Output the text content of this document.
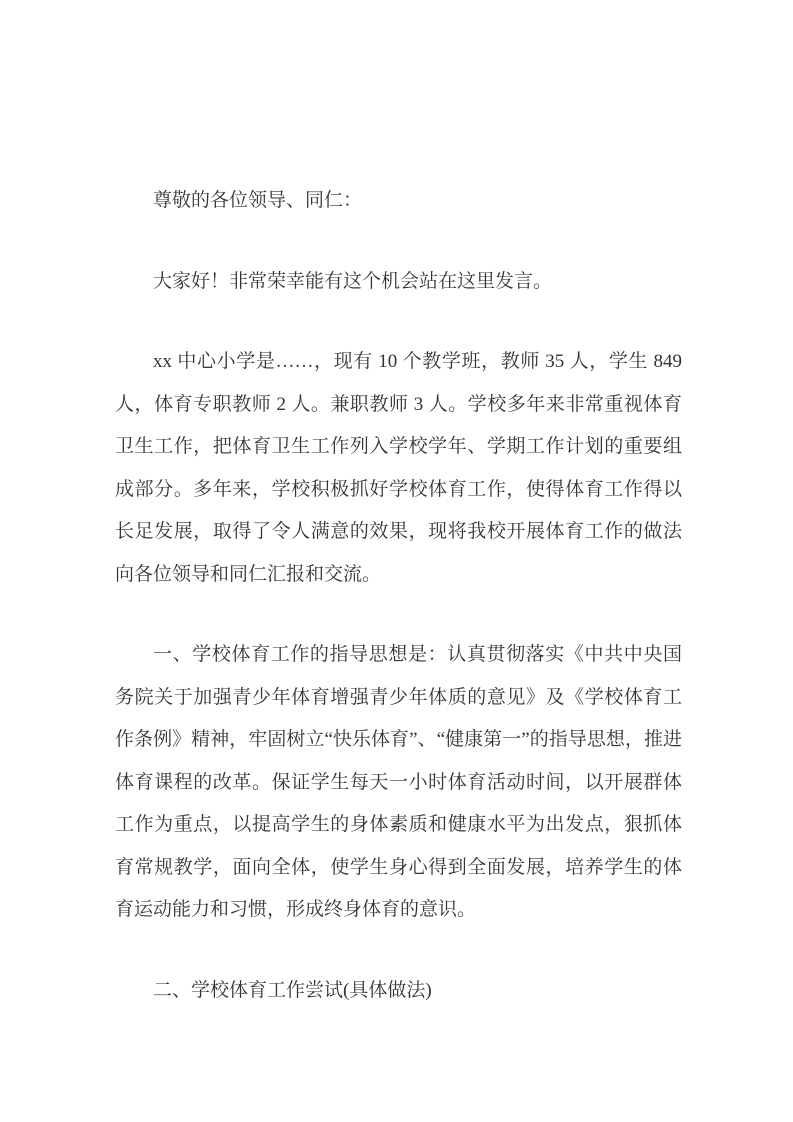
尊敬的各位领导、同仁：

大家好！非常荣幸能有这个机会站在这里发言。

xx 中心小学是……，现有 10 个教学班，教师 35 人，学生 849 人，体育专职教师 2 人。兼职教师 3 人。学校多年来非常重视体育卫生工作，把体育卫生工作列入学校学年、学期工作计划的重要组成部分。多年来，学校积极抓好学校体育工作，使得体育工作得以长足发展，取得了令人满意的效果，现将我校开展体育工作的做法向各位领导和同仁汇报和交流。

一、学校体育工作的指导思想是：认真贯彻落实《中共中央国务院关于加强青少年体育增强青少年体质的意见》及《学校体育工作条例》精神，牢固树立“快乐体育”、“健康第一”的指导思想，推进体育课程的改革。保证学生每天一小时体育活动时间，以开展群体工作为重点，以提高学生的身体素质和健康水平为出发点，狠抓体育常规教学，面向全体，使学生身心得到全面发展，培养学生的体育运动能力和习惯，形成终身体育的意识。

二、学校体育工作尝试(具体做法)
